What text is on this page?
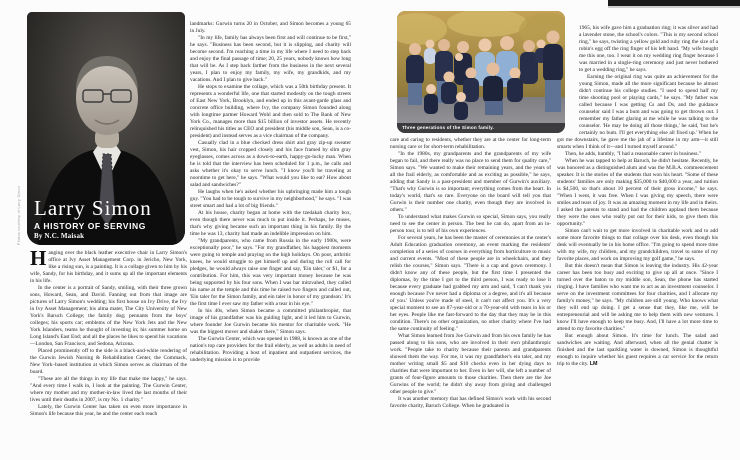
Photos courtesy of Larry Simon Larry Simon
A HISTORY OF SERVING
By N.C. Maisak
Three generations of the Simon family.

Hanging over the black leather executive chair in Larry Simon's office at Ivy Asset Management Corp. in Jericho, New York, like a rising sun, is a painting. It is a collage given to him by his wife, Sandy, for his birthday, and it sums up all the important elements in his life.

In the center is a portrait of Sandy, smiling, with their three grown sons, Howard, Sean, and David. Fanning out from that image are pictures of Larry Simon's wedding; his first house on Ivy Drive, the Ivy in Ivy Asset Management; his alma mater, The City University of New York's Baruch College; the family dog; pennants from the boys' colleges; his sports car; emblems of the New York Jets and the New York Islanders, teams he thought of investing in; his summer home on Long Island's East End; and all the places he likes to spend his vacations—London, San Francisco, and Sedona, Arizona.

Placed prominently off to the side is a black-and-white rendering of the Gurwin Jewish Nursing & Rehabilitation Center, the Commack, New York–based institution at which Simon serves as chairman of the board.

"These are all the things in my life that make me happy," he says. "And every time I walk in, I look at the painting. The Gurwin Center, where my mother and my mother-in-law lived the last months of their lives until their deaths in 2007, is my No. 1 charity."

Lately, the Gurwin Center has taken on even more importance in Simon's life because this year, he and the center each reach

landmarks: Gurwin turns 20 in October, and Simon becomes a young 65 in July.

"In my life, family has always been first and will continue to be first," he says. "Business has been second, but it is slipping, and charity will become second. I'm reaching a time in my life where I need to step back and enjoy the final passage of time; 20, 25 years, nobody knows how long that will be. As I step back farther from the business in the next several years, I plan to enjoy my family, my wife, my grandkids, and my vacations. And I plan to give back."

He stops to examine the collage, which was a 50th birthday present. It represents a wonderful life, one that started modestly on the tough streets of East New York, Brooklyn, and ended up in this avant-garde glass and concrete office building, where Ivy, the company Simon founded along with longtime partner Howard Wohl and then sold to The Bank of New York Co., manages more than $15 billion of investor assets. He recently relinquished his titles as CEO and president (his middle son, Sean, is a co-president) and instead serves as a vice chairman of the company.

Casually clad in a blue checked dress shirt and gray zip-up sweater vest, Simon, his hair cropped closely and his face framed by slim gray eyeglasses, comes across as a down-to-earth, happy-go-lucky man. When he is told that the interview has been scheduled for 1 p.m., he calls and asks whether it's okay to serve lunch. "I know you'll be traveling at noontime to get here," he says. "What would you like to eat? How about salad and sandwiches?"

He laughs when he's asked whether his upbringing made him a tough guy. "You had to be tough to survive in my neighborhood," he says. "I was street smart and had a lot of big friends."

At his house, charity began at home with the tzedakah charity box, even though there never was much to put inside it. Perhaps, he muses, that's why giving became such an important thing in his family. By the time he was 13, charity had made an indelible impression on him.

"My grandparents, who came from Russia in the early 1900s, were exceptionally poor," he says. "For my grandfather, his happiest moments were going to temple and praying on the high holidays. On poor, arthritic knees, he would struggle to get himself up and during the roll call for pledges, he would always raise one finger and say, 'Ein taler,' or $1, for a contribution. For him, this was very important money because he was being supported by his four sons. When I was bar mitzvahed, they called his name at the temple and this time he raised two fingers and called out, 'Ein taler for the Simon family, and ein taler in honor of my grandson.' It's the first time I ever saw my father with a tear in his eye."

In his 40s, when Simon became a committed philanthropist, that image of his grandfather was his guiding light, and it led him to Gurwin, where founder Joe Gurwin became his mentor for charitable work. "He was the biggest mover and shaker there," Simon says.

The Gurwin Center, which was opened in 1988, is known as one of the nation's top care providers for the frail elderly, as well as adults in need of rehabilitation. Providing a host of inpatient and outpatient services, the underlying mission is to provide

care and caring to residents, whether they are at the center for long-term nursing care or for short-term rehabilitation.

"In the 1980s, my grandparents and the grandparents of my wife began to fail, and there really was no place to send them for quality care," Simon says. "We wanted to make their remaining years, and the years of all the frail elderly, as comfortable and as exciting as possible," he says, adding that Sandy is a past-president and member of Gurwin's auxiliary. "That's why Gurwin is so important; everything comes from the heart. In today's world, that's so rare. Everyone on the board will tell you that Gurwin is their number one charity, even though they are involved in others."

To understand what makes Gurwin so special, Simon says, you really need to see the center in person. The best he can do, apart from an in-person tour, is to tell of his own experiences.

For several years, he has been the master of ceremonies at the center's Adult Education graduation ceremony, an event marking the residents' completion of a series of courses in everything from horticulture to music and current events. "Most of these people are in wheelchairs, and they relish the courses," Simon says. "There is a cap and gown ceremony. I didn't know any of these people, but the first time I presented the diplomas, by the time I got to the third person, I was ready to lose it because every graduate had grabbed my arm and said, 'I can't thank you enough because I've never had a diploma or a degree, and it's all because of you.' Unless you're made of steel, it can't not affect you. It's a very special moment to see an 87-year-old or a 70-year-old with tears in his or her eyes. People like me fast-forward to the day that they may be in this condition. There's no other organization, no other charity where I've had the same continuity of feeling."

What Simon learned from Joe Gurwin and from his own family he has passed along to his sons, who are involved in their own philanthropic work. "People take to charity because their parents and grandparents showed them the way. For me, it was my grandfather's ein taler, and my mother writing small $5 and $10 checks even in her dying days to charities that were important to her. Even in her will, she left a number of grants of four-figure amounts to those charities. Then there are the Joe Gurwins of the world; he didn't shy away from giving and challenged other people to give."

It was another memory that has defined Simon's work with his second favorite charity, Baruch College. When he graduated in

1965, his wife gave him a graduation ring; it was silver and had a lavender stone, the school's colors. "This is my second school ring," he says, twisting a yellow gold and ruby ring the size of a robin's egg off the ring finger of his left hand. "My wife bought me this one, too. I wear it on my wedding ring finger because I was married in a single-ring ceremony and just never bothered to get a wedding ring," he says.

Earning the original ring was quite an achievement for the young Simon, made all the more significant because he almost didn't continue his college studies. "I used to spend half my time shooting pool or playing cards," he says. "My father was called because I was getting Cs and Ds, and the guidance counselor said I was a bum and was going to get thrown out. I remember my father glaring at me while he was talking to the counselor. 'He may be doing all those things,' he said, 'but he's certainly no bum. I'll get everything else all fixed up.' When he got me downstairs, he gave me the jab of a lifetime in my arm—it still smarts when I think of it—and I turned myself around."

Then, he adds, humbly, "I had a reasonable career in business."

When he was tapped to help at Baruch, he didn't hesitate. Recently, he was honored as a distinguished alum and was the M.B.A. commencement speaker. It is the stories of the students that won his heart. "Some of these students' families are only making $35,000 to $40,000 a year, and tuition is $4,500, so that's about 10 percent of their gross income," he says. "When I went, it was free. When I was giving my speech, there were smiles and tears of joy. It was an amazing moment in my life and in theirs. I asked the parents to stand and had the children applaud them because they were the ones who really put out for their kids, to give them this opportunity."

Simon can't wait to get more involved in charitable work and to add some more favorite things to that collage over his desk, even though his desk will eventually be in his home office. "I'm going to spend more time with my wife, my children, and my grandchildren, travel to some of my favorite places, and work on improving my golf game," he says.

But this doesn't mean that Simon is leaving the industry. His 42-year career has been too busy and exciting to give up all at once. "Since I turned over the baton to my middle son, Sean, the phone has started ringing. I have families who want me to act as an investment counselor. I serve on the investment committees for four charities, and I allocate my family's money," he says. "My children are still young. Who knows what they will end up doing. I get a sense that they, like me, will be entrepreneurial and will be asking me to help them with new ventures. I know I'll have enough to keep me busy. And, I'll have a lot more time to attend to my favorite charities."

But enough about Simon. It's time for lunch. The salad and sandwiches are waiting. And afterward, when all the genial chatter is finished and the last sparkling water is downed, Simon is thoughtful enough to inquire whether his guest requires a car service for the return trip to the city. LM
